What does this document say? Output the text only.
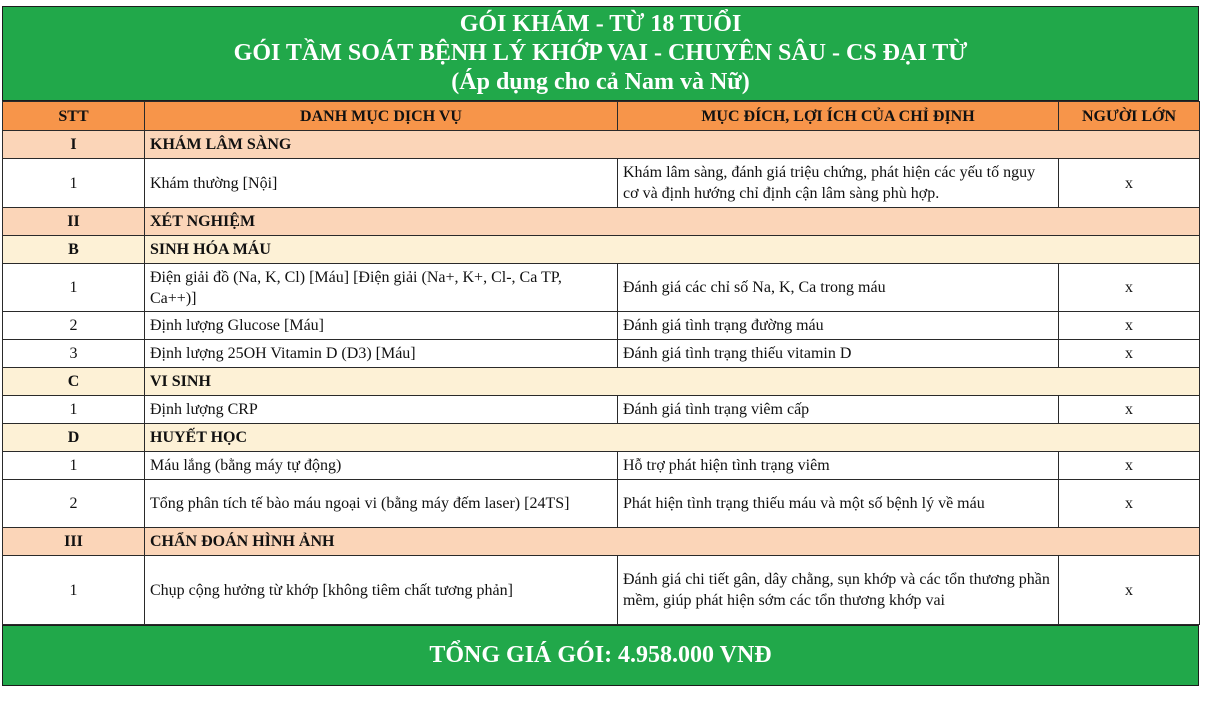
GÓI KHÁM - TỪ 18 TUỔI
GÓI TẦM SOÁT BỆNH LÝ KHỚP VAI - CHUYÊN SÂU - CS ĐẠI TỪ
(Áp dụng cho cả Nam và Nữ)
STT	DANH MỤC DỊCH VỤ	MỤC ĐÍCH, LỢI ÍCH CỦA CHỈ ĐỊNH	NGƯỜI LỚN
I	KHÁM LÂM SÀNG		
1	Khám thường [Nội]	Khám lâm sàng, đánh giá triệu chứng, phát hiện các yếu tố nguy cơ và định hướng chỉ định cận lâm sàng phù hợp.	x
II	XÉT NGHIỆM		
B	SINH HÓA MÁU		
1	Điện giải đồ (Na, K, Cl) [Máu] [Điện giải (Na+, K+, Cl-, Ca TP, Ca++)]	Đánh giá các chỉ số Na, K, Ca trong máu	x
2	Định lượng Glucose [Máu]	Đánh giá tình trạng đường máu	x
3	Định lượng 25OH Vitamin D (D3) [Máu]	Đánh giá tình trạng thiếu vitamin D	x
C	VI SINH		
1	Định lượng CRP	Đánh giá tình trạng viêm cấp	x
D	HUYẾT HỌC		
1	Máu lắng (bằng máy tự động)	Hỗ trợ phát hiện tình trạng viêm	x
2	Tổng phân tích tế bào máu ngoại vi (bằng máy đếm laser) [24TS]	Phát hiện tình trạng thiếu máu và một số bệnh lý về máu	x
III	CHẨN ĐOÁN HÌNH ẢNH		
1	Chụp cộng hưởng từ khớp [không tiêm chất tương phản]	Đánh giá chi tiết gân, dây chằng, sụn khớp và các tổn thương phần mềm, giúp phát hiện sớm các tổn thương khớp vai	x
TỔNG GIÁ GÓI: 4.958.000 VNĐ
